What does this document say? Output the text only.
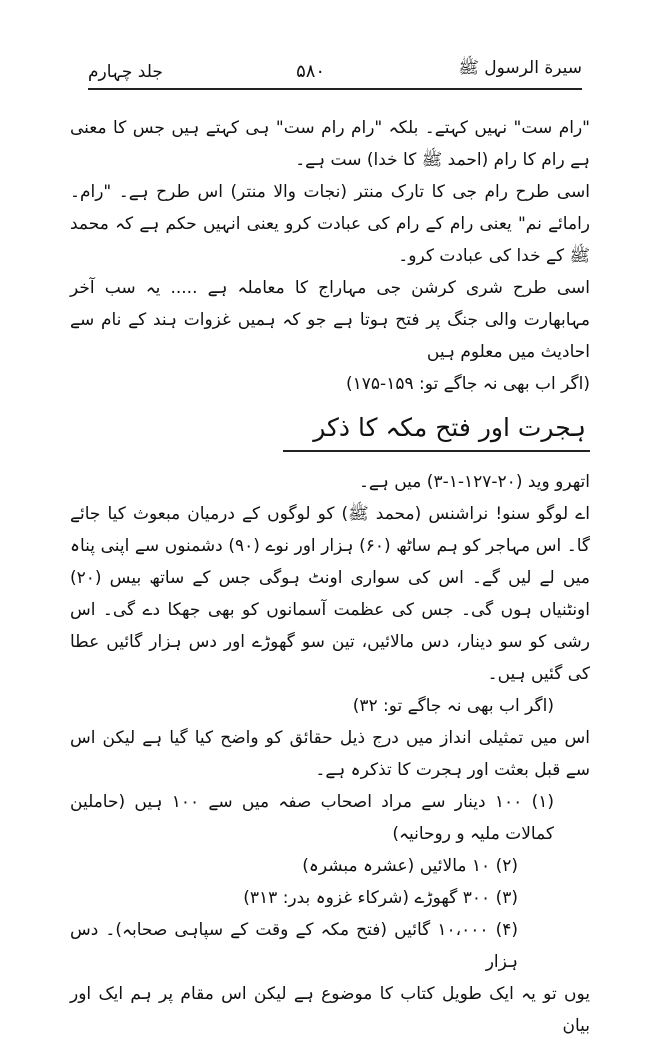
سیرة الرسول ﷺ
۵۸۰
جلد چہارم

"رام ست" نہیں کہتے۔ بلکہ "رام رام ست" ہی کہتے ہیں جس کا معنی ہے رام کا رام (احمد ﷺ کا خدا) ست ہے۔

اسی طرح رام جی کا تارک منتر (نجات والا منتر) اس طرح ہے۔ "رام۔ رامائے نم" یعنی رام کے رام کی عبادت کرو یعنی انہیں حکم ہے کہ محمد ﷺ کے خدا کی عبادت کرو۔

اسی طرح شری کرشن جی مہاراج کا معاملہ ہے ..... یہ سب آخر مہابھارت والی جنگ پر فتح ہوتا ہے جو کہ ہمیں غزوات ہند کے نام سے احادیث میں معلوم ہیں

(اگر اب بھی نہ جاگے تو: ۱۵۹-۱۷۵)

ہجرت اور فتح مکہ کا ذکر

اتھرو وید (۲۰-۱۲۷-۱-۳) میں ہے۔

اے لوگو سنو! نراشنس (محمد ﷺ) کو لوگوں کے درمیان مبعوث کیا جائے گا۔ اس مہاجر کو ہم ساٹھ (۶۰) ہزار اور نوے (۹۰) دشمنوں سے اپنی پناہ میں لے لیں گے۔ اس کی سواری اونٹ ہوگی جس کے ساتھ بیس (۲۰) اونٹنیاں ہوں گی۔ جس کی عظمت آسمانوں کو بھی جھکا دے گی۔ اس رشی کو سو دینار، دس مالائیں، تین سو گھوڑے اور دس ہزار گائیں عطا کی گئیں ہیں۔

(اگر اب بھی نہ جاگے تو: ۳۲)

اس میں تمثیلی انداز میں درج ذیل حقائق کو واضح کیا گیا ہے لیکن اس سے قبل بعثت اور ہجرت کا تذکرہ ہے۔

(۱) ۱۰۰ دینار سے مراد اصحاب صفہ میں سے ۱۰۰ ہیں (حاملین کمالات ملیہ و روحانیہ)

(۲) ۱۰ مالائیں (عشرہ مبشرہ)

(۳) ۳۰۰ گھوڑے (شرکاء غزوہ بدر: ۳۱۳)

(۴) ۱۰،۰۰۰ گائیں (فتح مکہ کے وقت کے سپاہی صحابہ)۔ دس ہزار

یوں تو یہ ایک طویل کتاب کا موضوع ہے لیکن اس مقام پر ہم ایک اور بیان
